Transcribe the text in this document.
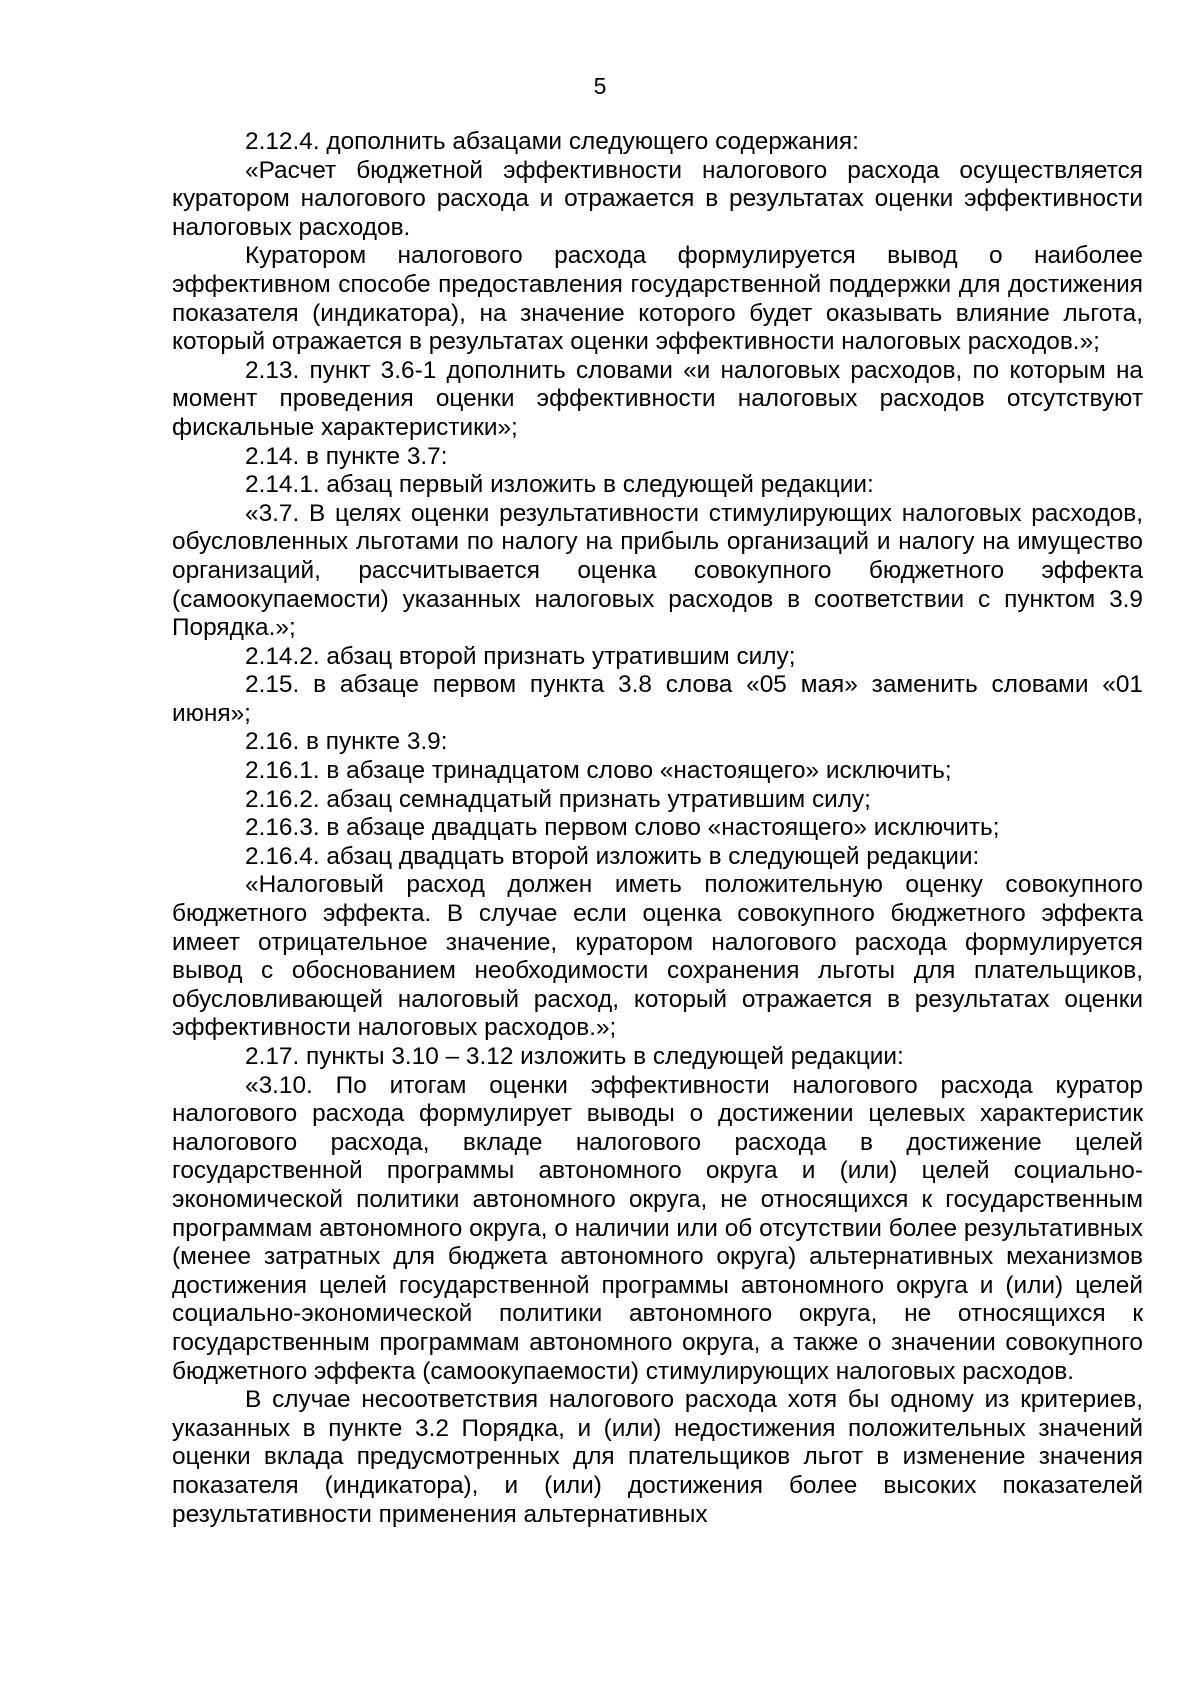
5

2.12.4. дополнить абзацами следующего содержания:

«Расчет бюджетной эффективности налогового расхода осуществляется куратором налогового расхода и отражается в результатах оценки эффективности налоговых расходов.

Куратором налогового расхода формулируется вывод о наиболее эффективном способе предоставления государственной поддержки для достижения показателя (индикатора), на значение которого будет оказывать влияние льгота, который отражается в результатах оценки эффективности налоговых расходов.»;

2.13. пункт 3.6-1 дополнить словами «и налоговых расходов, по которым на момент проведения оценки эффективности налоговых расходов отсутствуют фискальные характеристики»;

2.14. в пункте 3.7:

2.14.1. абзац первый изложить в следующей редакции:

«3.7. В целях оценки результативности стимулирующих налоговых расходов, обусловленных льготами по налогу на прибыль организаций и налогу на имущество организаций, рассчитывается оценка совокупного бюджетного эффекта (самоокупаемости) указанных налоговых расходов в соответствии с пунктом 3.9 Порядка.»;

2.14.2. абзац второй признать утратившим силу;

2.15. в абзаце первом пункта 3.8 слова «05 мая» заменить словами «01 июня»;

2.16. в пункте 3.9:

2.16.1. в абзаце тринадцатом слово «настоящего» исключить;

2.16.2. абзац семнадцатый признать утратившим силу;

2.16.3. в абзаце двадцать первом слово «настоящего» исключить;

2.16.4. абзац двадцать второй изложить в следующей редакции:

«Налоговый расход должен иметь положительную оценку совокупного бюджетного эффекта. В случае если оценка совокупного бюджетного эффекта имеет отрицательное значение, куратором налогового расхода формулируется вывод с обоснованием необходимости сохранения льготы для плательщиков, обусловливающей налоговый расход, который отражается в результатах оценки эффективности налоговых расходов.»;

2.17. пункты 3.10 – 3.12 изложить в следующей редакции:

«3.10. По итогам оценки эффективности налогового расхода куратор налогового расхода формулирует выводы о достижении целевых характеристик налогового расхода, вкладе налогового расхода в достижение целей государственной программы автономного округа и (или) целей социально-экономической политики автономного округа, не относящихся к государственным программам автономного округа, о наличии или об отсутствии более результативных (менее затратных для бюджета автономного округа) альтернативных механизмов достижения целей государственной программы автономного округа и (или) целей социально-экономической политики автономного округа, не относящихся к государственным программам автономного округа, а также о значении совокупного бюджетного эффекта (самоокупаемости) стимулирующих налоговых расходов.

В случае несоответствия налогового расхода хотя бы одному из критериев, указанных в пункте 3.2 Порядка, и (или) недостижения положительных значений оценки вклада предусмотренных для плательщиков льгот в изменение значения показателя (индикатора), и (или) достижения более высоких показателей результативности применения альтернативных
